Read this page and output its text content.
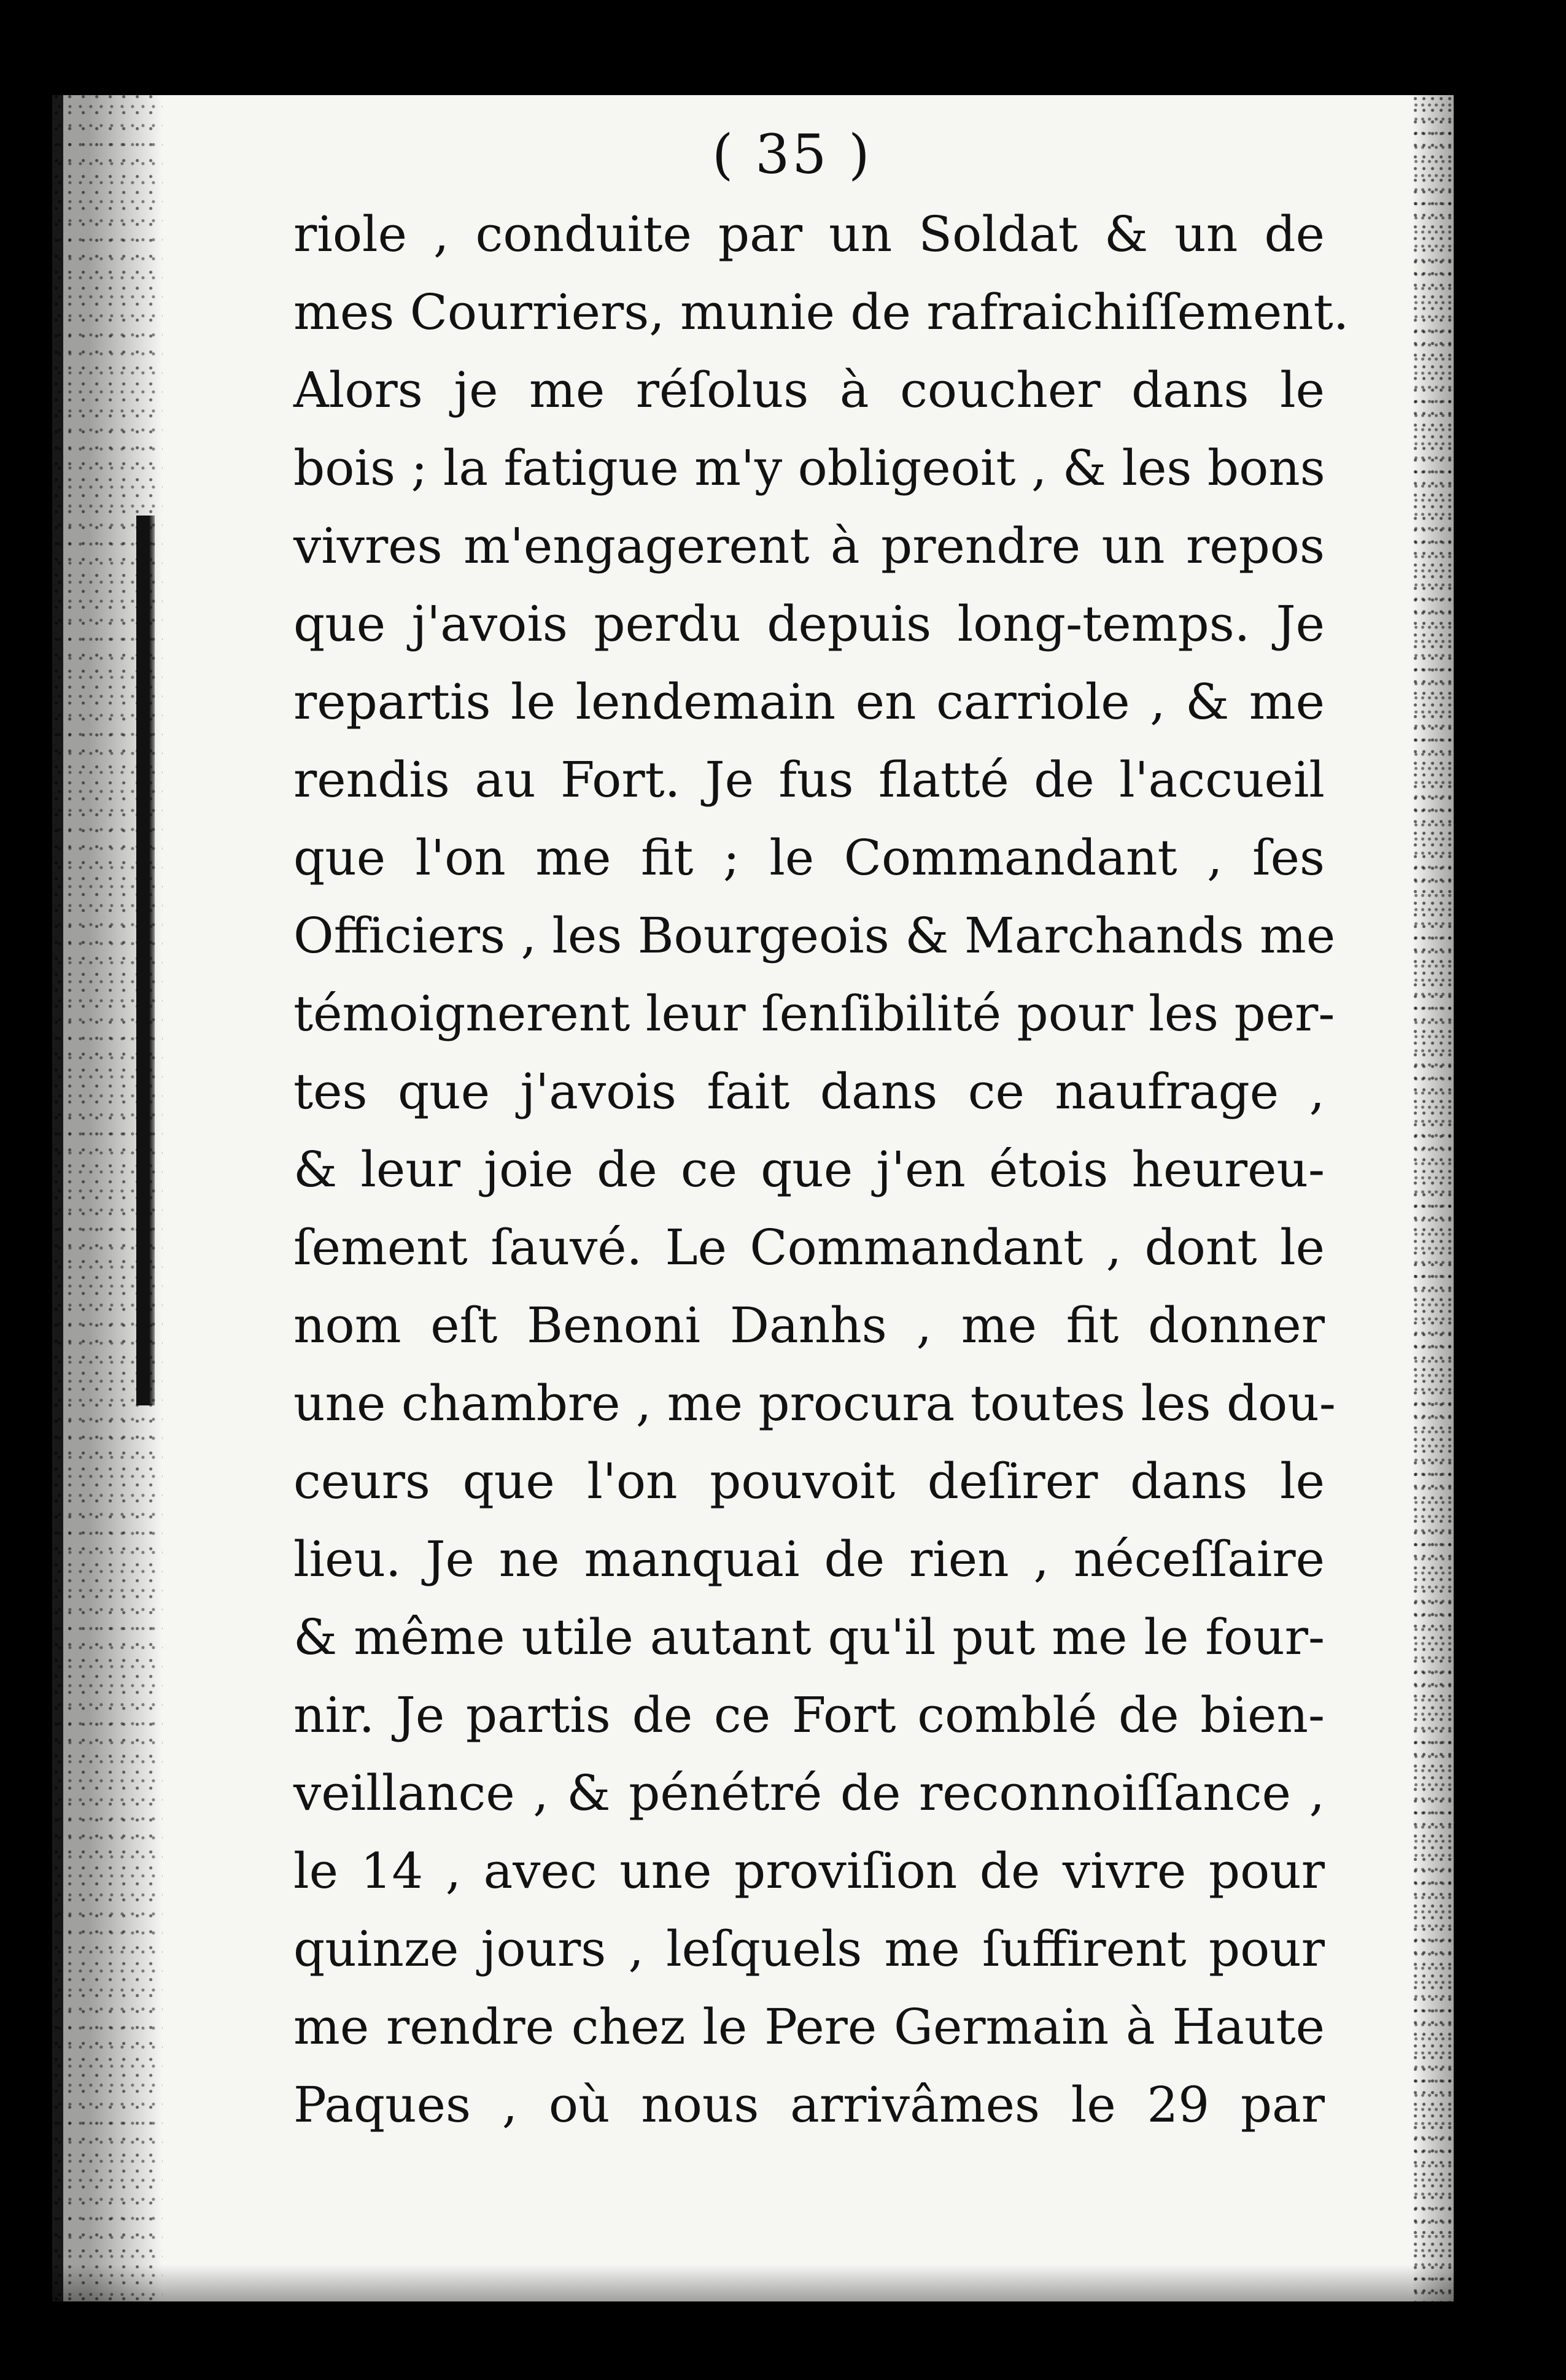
( 35 )
riole , conduite par un Soldat & un de
mes Courriers, munie de rafraichiſſement.
Alors je me réſolus à coucher dans le
bois ; la fatigue m'y obligeoit , & les bons
vivres m'engagerent à prendre un repos
que j'avois perdu depuis long-temps. Je
repartis le lendemain en carriole , & me
rendis au Fort. Je fus flatté de l'accueil
que l'on me fit ; le Commandant , ſes
Officiers , les Bourgeois & Marchands me
témoignerent leur ſenſibilité pour les per-
tes que j'avois fait dans ce naufrage ,
& leur joie de ce que j'en étois heureu-
ſement ſauvé. Le Commandant , dont le
nom eſt Benoni Danhs , me fit donner
une chambre , me procura toutes les dou-
ceurs que l'on pouvoit deſirer dans le
lieu. Je ne manquai de rien , néceſſaire
& même utile autant qu'il put me le four-
nir. Je partis de ce Fort comblé de bien-
veillance , & pénétré de reconnoiſſance ,
le 14 , avec une proviſion de vivre pour
quinze jours , leſquels me ſuffirent pour
me rendre chez le Pere Germain à Haute
Paques , où nous arrivâmes le 29 par
